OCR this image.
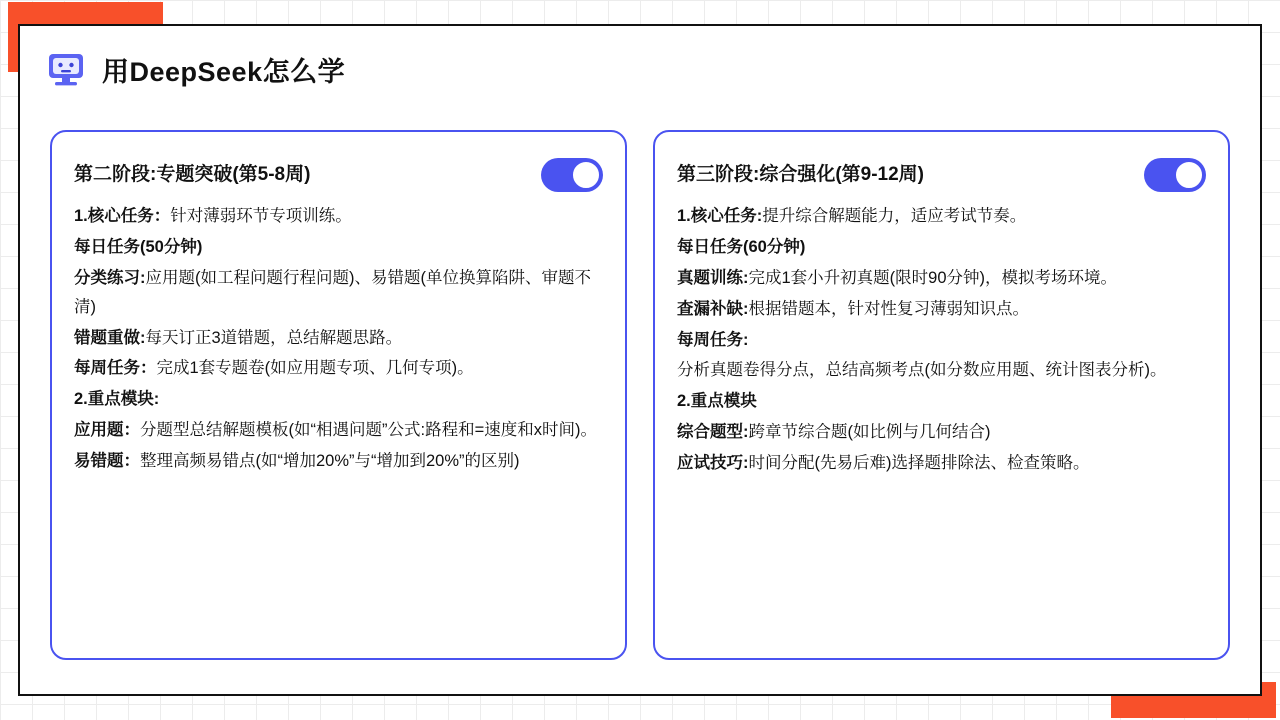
用DeepSeek怎么学
第二阶段:专题突破(第5-8周)
1.核心任务：针对薄弱环节专项训练。
每日任务(50分钟)
分类练习:应用题(如工程问题行程问题)、易错题(单位换算陷阱、审题不清)
错题重做:每天订正3道错题，总结解题思路。
每周任务：完成1套专题卷(如应用题专项、几何专项)。
2.重点模块:
应用题：分题型总结解题模板(如“相遇问题”公式:路程和=速度和x时间)。
易错题：整理高频易错点(如“增加20%”与“增加到20%”的区别)
第三阶段:综合强化(第9-12周)
1.核心任务:提升综合解题能力，适应考试节奏。
每日任务(60分钟)
真题训练:完成1套小升初真题(限时90分钟)，模拟考场环境。
查漏补缺:根据错题本，针对性复习薄弱知识点。
每周任务:
分析真题卷得分点，总结高频考点(如分数应用题、统计图表分析)。
2.重点模块
综合题型:跨章节综合题(如比例与几何结合)
应试技巧:时间分配(先易后难)选择题排除法、检查策略。
